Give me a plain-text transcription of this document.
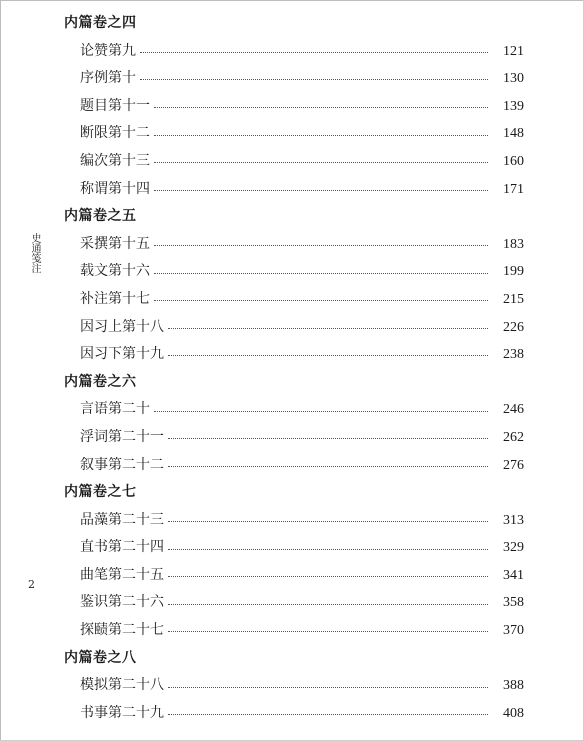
史通笺注
2
内篇卷之四
论赞第九	121
序例第十	130
题目第十一	139
断限第十二	148
编次第十三	160
称谓第十四	171
内篇卷之五
采撰第十五	183
载文第十六	199
补注第十七	215
因习上第十八	226
因习下第十九	238
内篇卷之六
言语第二十	246
浮词第二十一	262
叙事第二十二	276
内篇卷之七
品藻第二十三	313
直书第二十四	329
曲笔第二十五	341
鉴识第二十六	358
探赜第二十七	370
内篇卷之八
模拟第二十八	388
书事第二十九	408
